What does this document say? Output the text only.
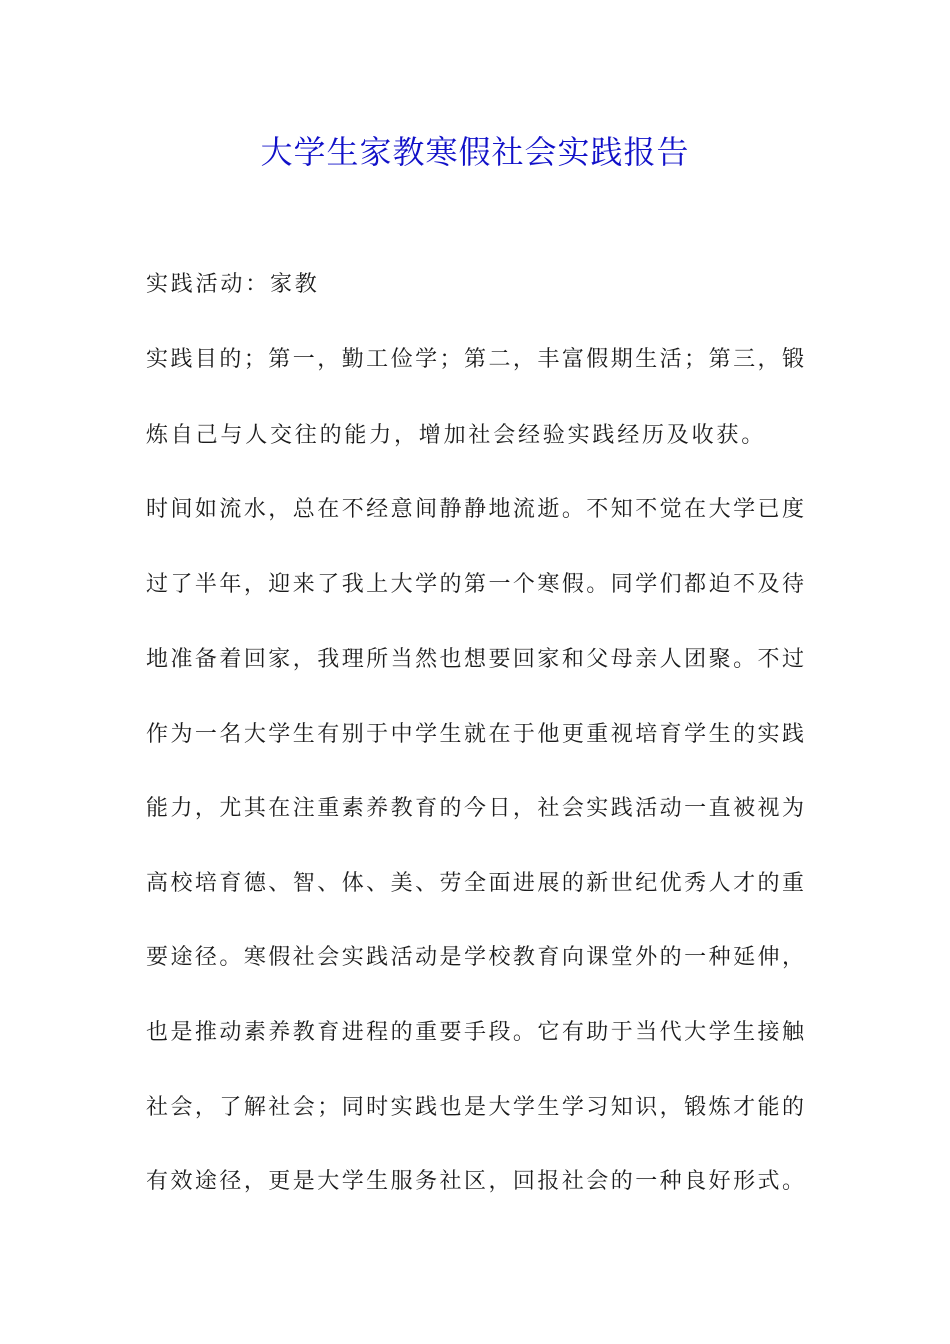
大学生家教寒假社会实践报告
实践活动：家教
实践目的；第一，勤工俭学；第二，丰富假期生活；第三，锻
炼自己与人交往的能力，增加社会经验实践经历及收获。
时间如流水，总在不经意间静静地流逝。不知不觉在大学已度
过了半年，迎来了我上大学的第一个寒假。同学们都迫不及待
地准备着回家，我理所当然也想要回家和父母亲人团聚。不过
作为一名大学生有别于中学生就在于他更重视培育学生的实践
能力，尤其在注重素养教育的今日，社会实践活动一直被视为
高校培育德、智、体、美、劳全面进展的新世纪优秀人才的重
要途径。寒假社会实践活动是学校教育向课堂外的一种延伸，
也是推动素养教育进程的重要手段。它有助于当代大学生接触
社会，了解社会；同时实践也是大学生学习知识，锻炼才能的
有效途径，更是大学生服务社区，回报社会的一种良好形式。
